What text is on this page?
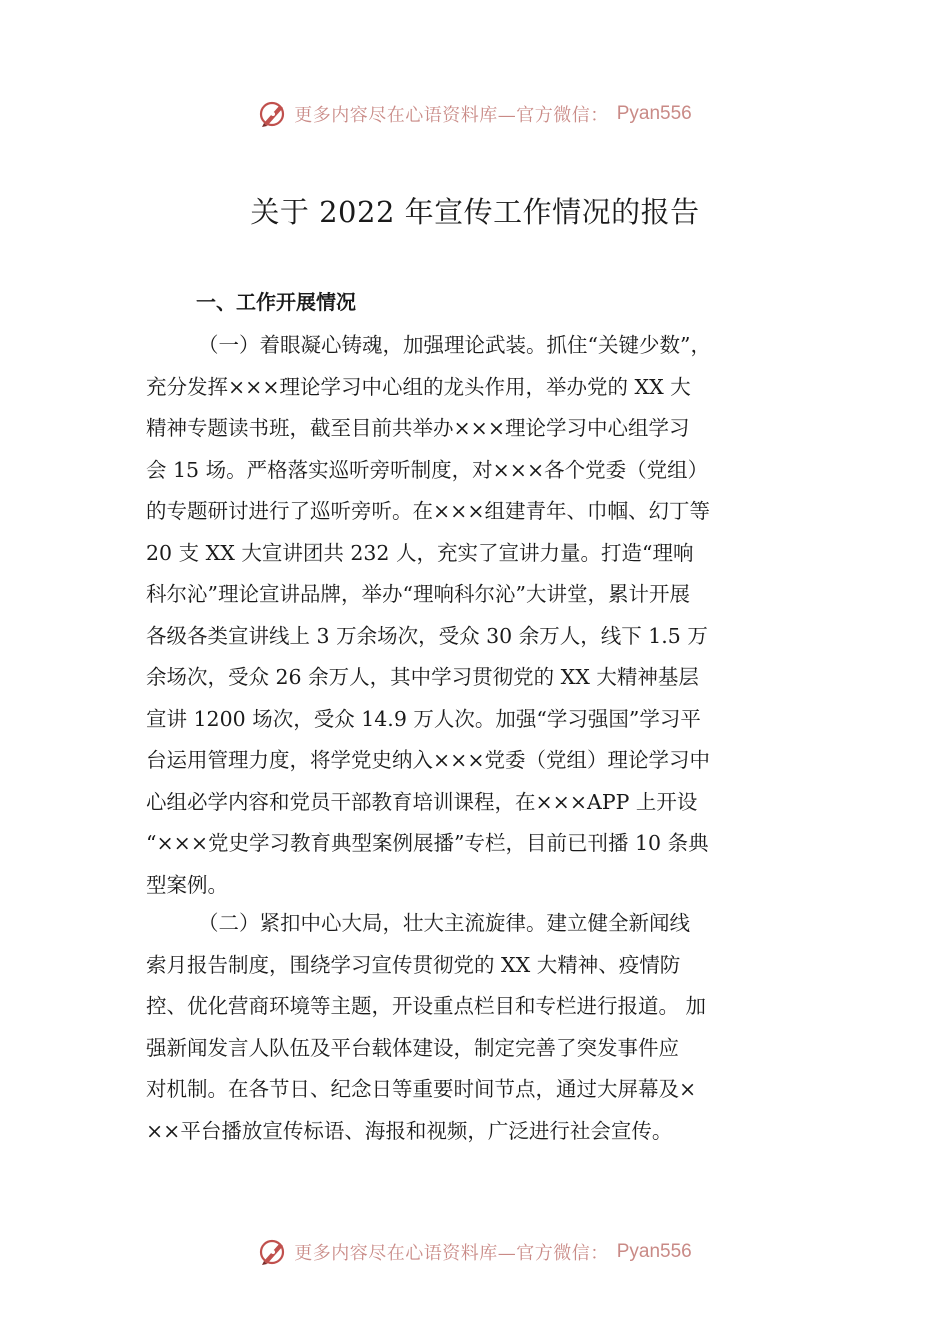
更多内容尽在心语资料库—官方微信： Pyan556
关于 2022 年宣传工作情况的报告
一、工作开展情况
（一）着眼凝心铸魂，加强理论武装。抓住“关键少数”，
充分发挥×××理论学习中心组的龙头作用，举办党的 XX 大
精神专题读书班，截至目前共举办×××理论学习中心组学习
会 15 场。严格落实巡听旁听制度，对×××各个党委（党组）
的专题研讨进行了巡听旁听。在×××组建青年、巾帼、幻丁等
20 支 XX 大宣讲团共 232 人，充实了宣讲力量。打造“理响
科尔沁”理论宣讲品牌，举办“理响科尔沁”大讲堂，累计开展
各级各类宣讲线上 3 万余场次，受众 30 余万人，线下 1.5 万
余场次，受众 26 余万人，其中学习贯彻党的 XX 大精神基层
宣讲 1200 场次，受众 14.9 万人次。加强“学习强国”学习平
台运用管理力度，将学党史纳入×××党委（党组）理论学习中
心组必学内容和党员干部教育培训课程，在×××APP 上开设
“×××党史学习教育典型案例展播”专栏，目前已刊播 10 条典
型案例。
（二）紧扣中心大局，壮大主流旋律。建立健全新闻线
索月报告制度，围绕学习宣传贯彻党的 XX 大精神、疫情防
控、优化营商环境等主题，开设重点栏目和专栏进行报道。 加
强新闻发言人队伍及平台载体建设，制定完善了突发事件应
对机制。在各节日、纪念日等重要时间节点，通过大屏幕及×
××平台播放宣传标语、海报和视频，广泛进行社会宣传。
更多内容尽在心语资料库—官方微信： Pyan556
